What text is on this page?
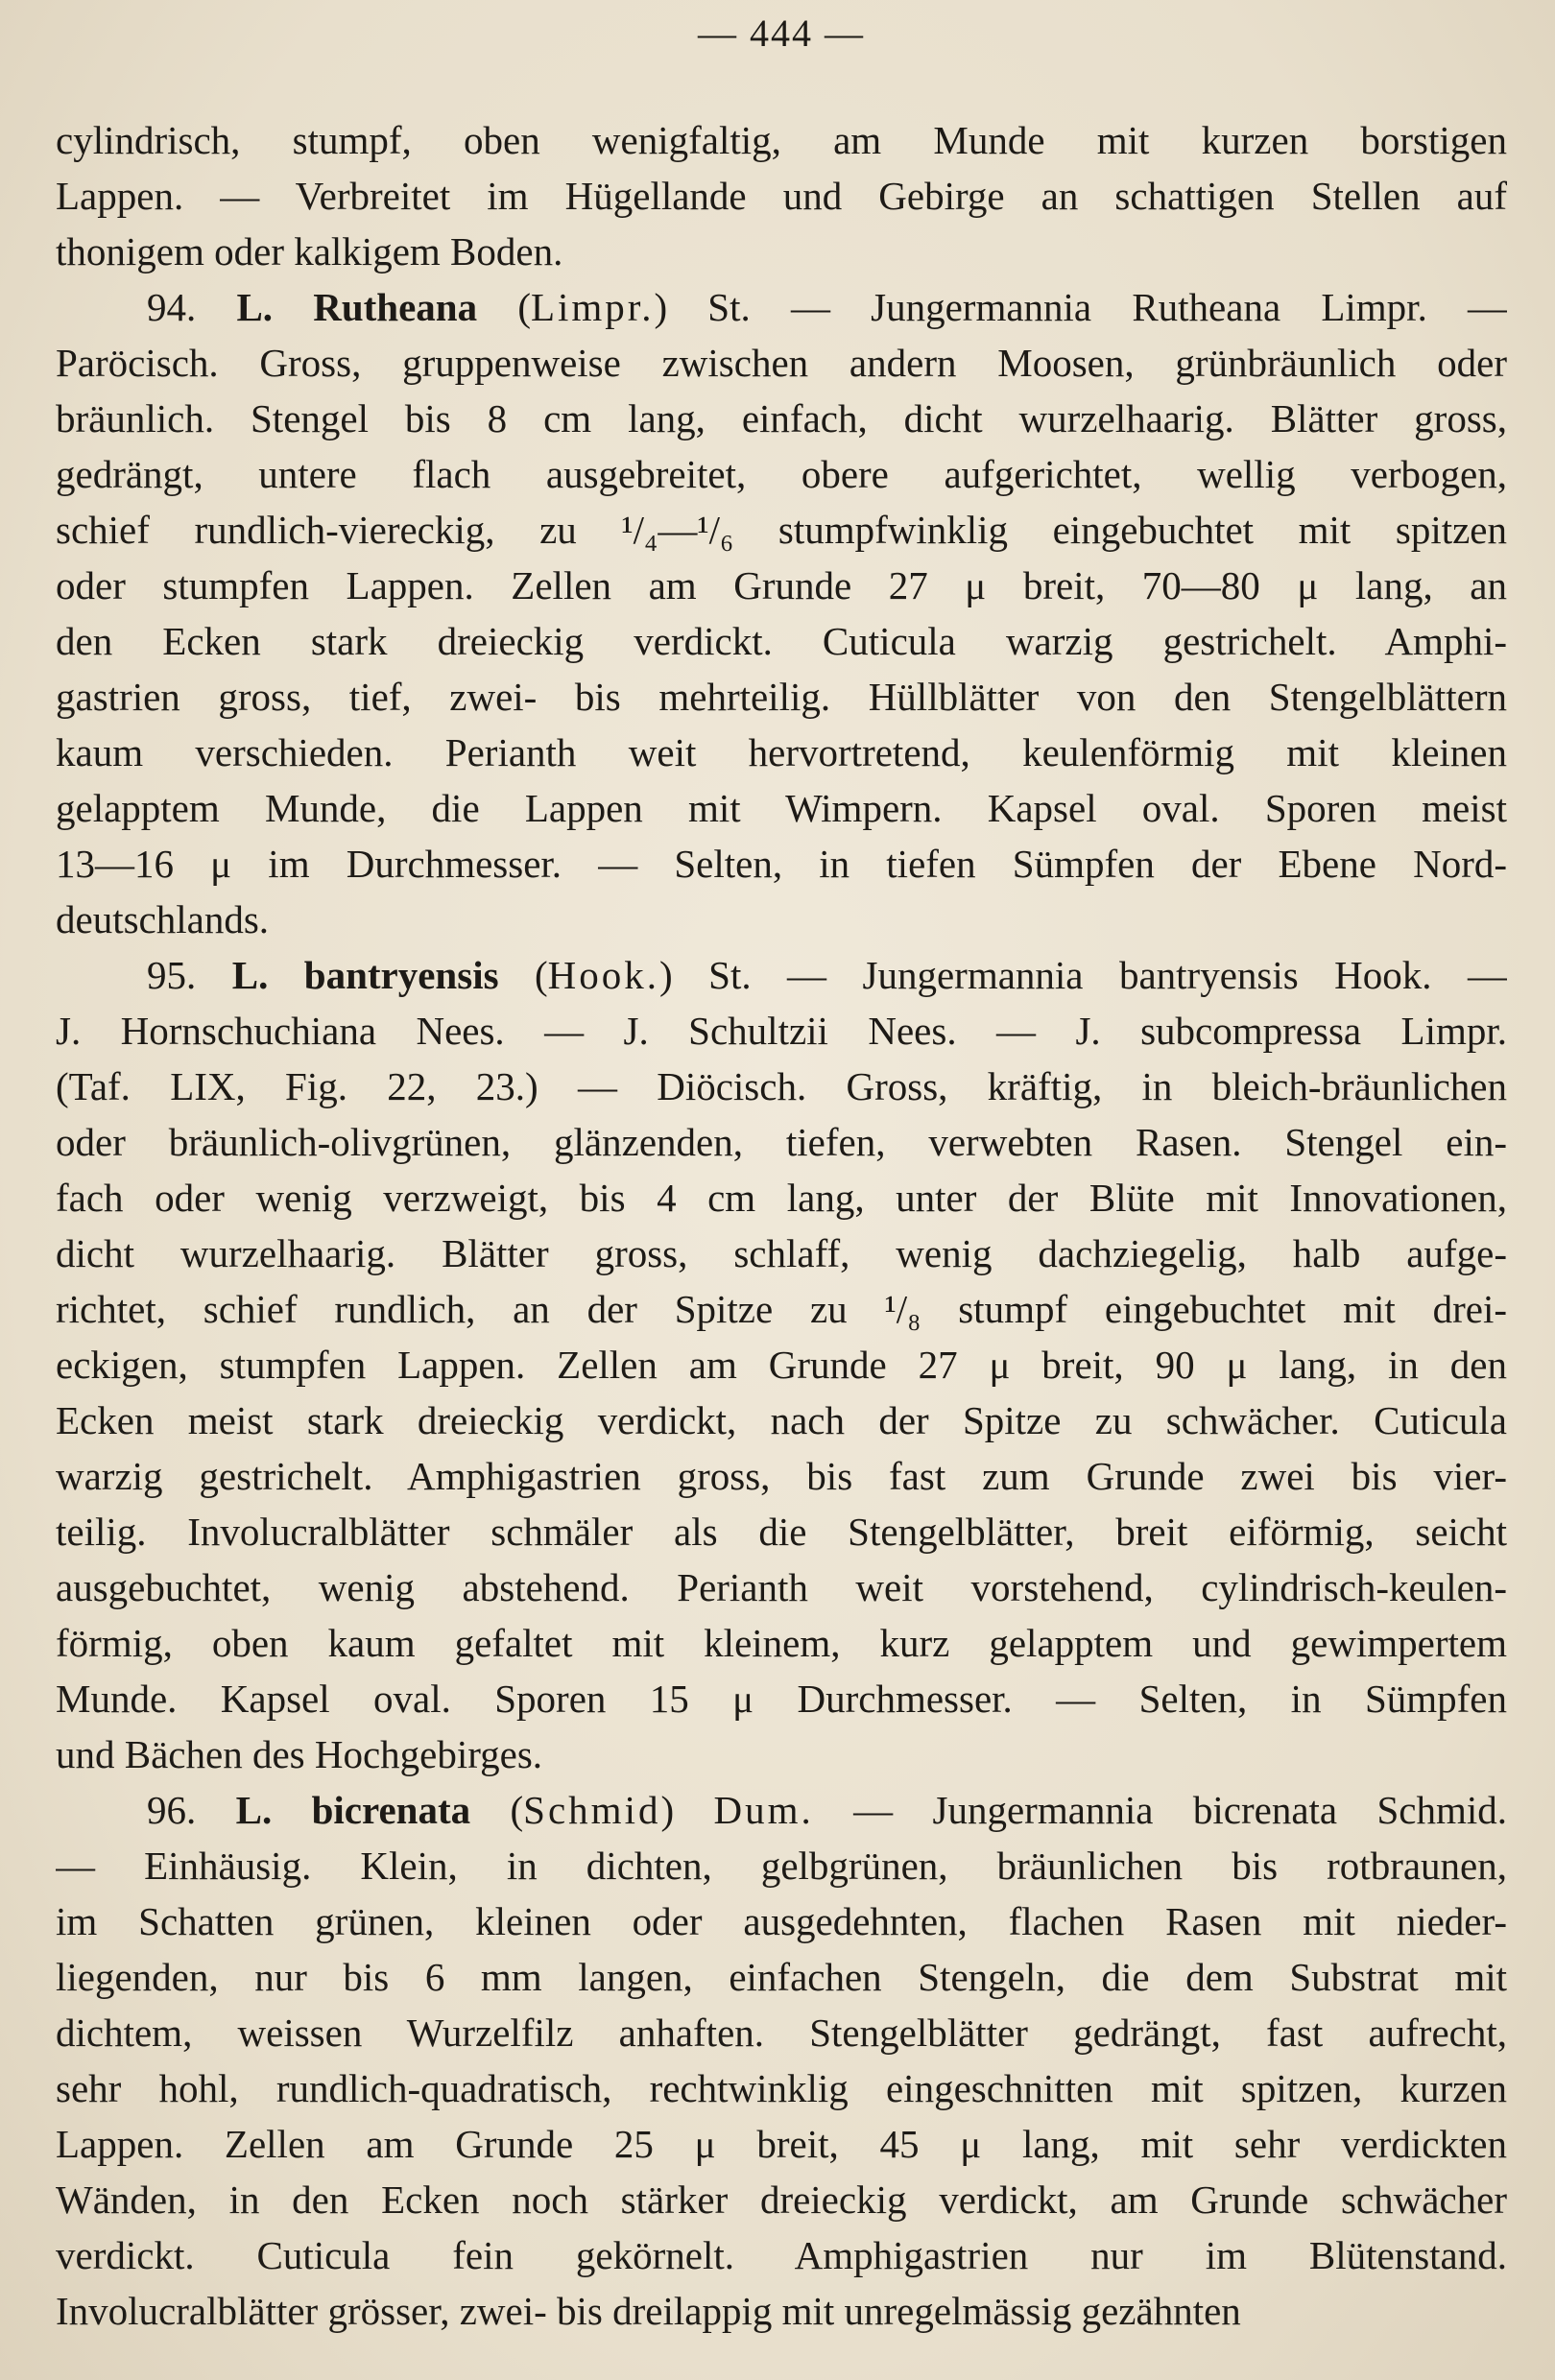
— 444 —
cylindrisch, stumpf, oben wenigfaltig, am Munde mit kurzen borstigen
Lappen. — Verbreitet im Hügellande und Gebirge an schattigen Stellen auf
thonigem oder kalkigem Boden.
94. L. Rutheana (Limpr.) St. — Jungermannia Rutheana Limpr. —
Paröcisch. Gross, gruppenweise zwischen andern Moosen, grünbräunlich oder
bräunlich. Stengel bis 8 cm lang, einfach, dicht wurzelhaarig. Blätter gross,
gedrängt, untere flach ausgebreitet, obere aufgerichtet, wellig verbogen,
schief rundlich-viereckig, zu ¹/₄—¹/₆ stumpfwinklig eingebuchtet mit spitzen
oder stumpfen Lappen. Zellen am Grunde 27 μ breit, 70—80 μ lang, an
den Ecken stark dreieckig verdickt. Cuticula warzig gestrichelt. Amphi-
gastrien gross, tief, zwei- bis mehrteilig. Hüllblätter von den Stengelblättern
kaum verschieden. Perianth weit hervortretend, keulenförmig mit kleinen
gelapptem Munde, die Lappen mit Wimpern. Kapsel oval. Sporen meist
13—16 μ im Durchmesser. — Selten, in tiefen Sümpfen der Ebene Nord-
deutschlands.
95. L. bantryensis (Hook.) St. — Jungermannia bantryensis Hook. —
J. Hornschuchiana Nees. — J. Schultzii Nees. — J. subcompressa Limpr.
(Taf. LIX, Fig. 22, 23.) — Diöcisch. Gross, kräftig, in bleich-bräunlichen
oder bräunlich-olivgrünen, glänzenden, tiefen, verwebten Rasen. Stengel ein-
fach oder wenig verzweigt, bis 4 cm lang, unter der Blüte mit Innovationen,
dicht wurzelhaarig. Blätter gross, schlaff, wenig dachziegelig, halb aufge-
richtet, schief rundlich, an der Spitze zu ¹/₈ stumpf eingebuchtet mit drei-
eckigen, stumpfen Lappen. Zellen am Grunde 27 μ breit, 90 μ lang, in den
Ecken meist stark dreieckig verdickt, nach der Spitze zu schwächer. Cuticula
warzig gestrichelt. Amphigastrien gross, bis fast zum Grunde zwei bis vier-
teilig. Involucralblätter schmäler als die Stengelblätter, breit eiförmig, seicht
ausgebuchtet, wenig abstehend. Perianth weit vorstehend, cylindrisch-keulen-
förmig, oben kaum gefaltet mit kleinem, kurz gelapptem und gewimpertem
Munde. Kapsel oval. Sporen 15 μ Durchmesser. — Selten, in Sümpfen
und Bächen des Hochgebirges.
96. L. bicrenata (Schmid) Dum. — Jungermannia bicrenata Schmid.
— Einhäusig. Klein, in dichten, gelbgrünen, bräunlichen bis rotbraunen,
im Schatten grünen, kleinen oder ausgedehnten, flachen Rasen mit nieder-
liegenden, nur bis 6 mm langen, einfachen Stengeln, die dem Substrat mit
dichtem, weissen Wurzelfilz anhaften. Stengelblätter gedrängt, fast aufrecht,
sehr hohl, rundlich-quadratisch, rechtwinklig eingeschnitten mit spitzen, kurzen
Lappen. Zellen am Grunde 25 μ breit, 45 μ lang, mit sehr verdickten
Wänden, in den Ecken noch stärker dreieckig verdickt, am Grunde schwächer
verdickt. Cuticula fein gekörnelt. Amphigastrien nur im Blütenstand.
Involucralblätter grösser, zwei- bis dreilappig mit unregelmässig gezähnten
